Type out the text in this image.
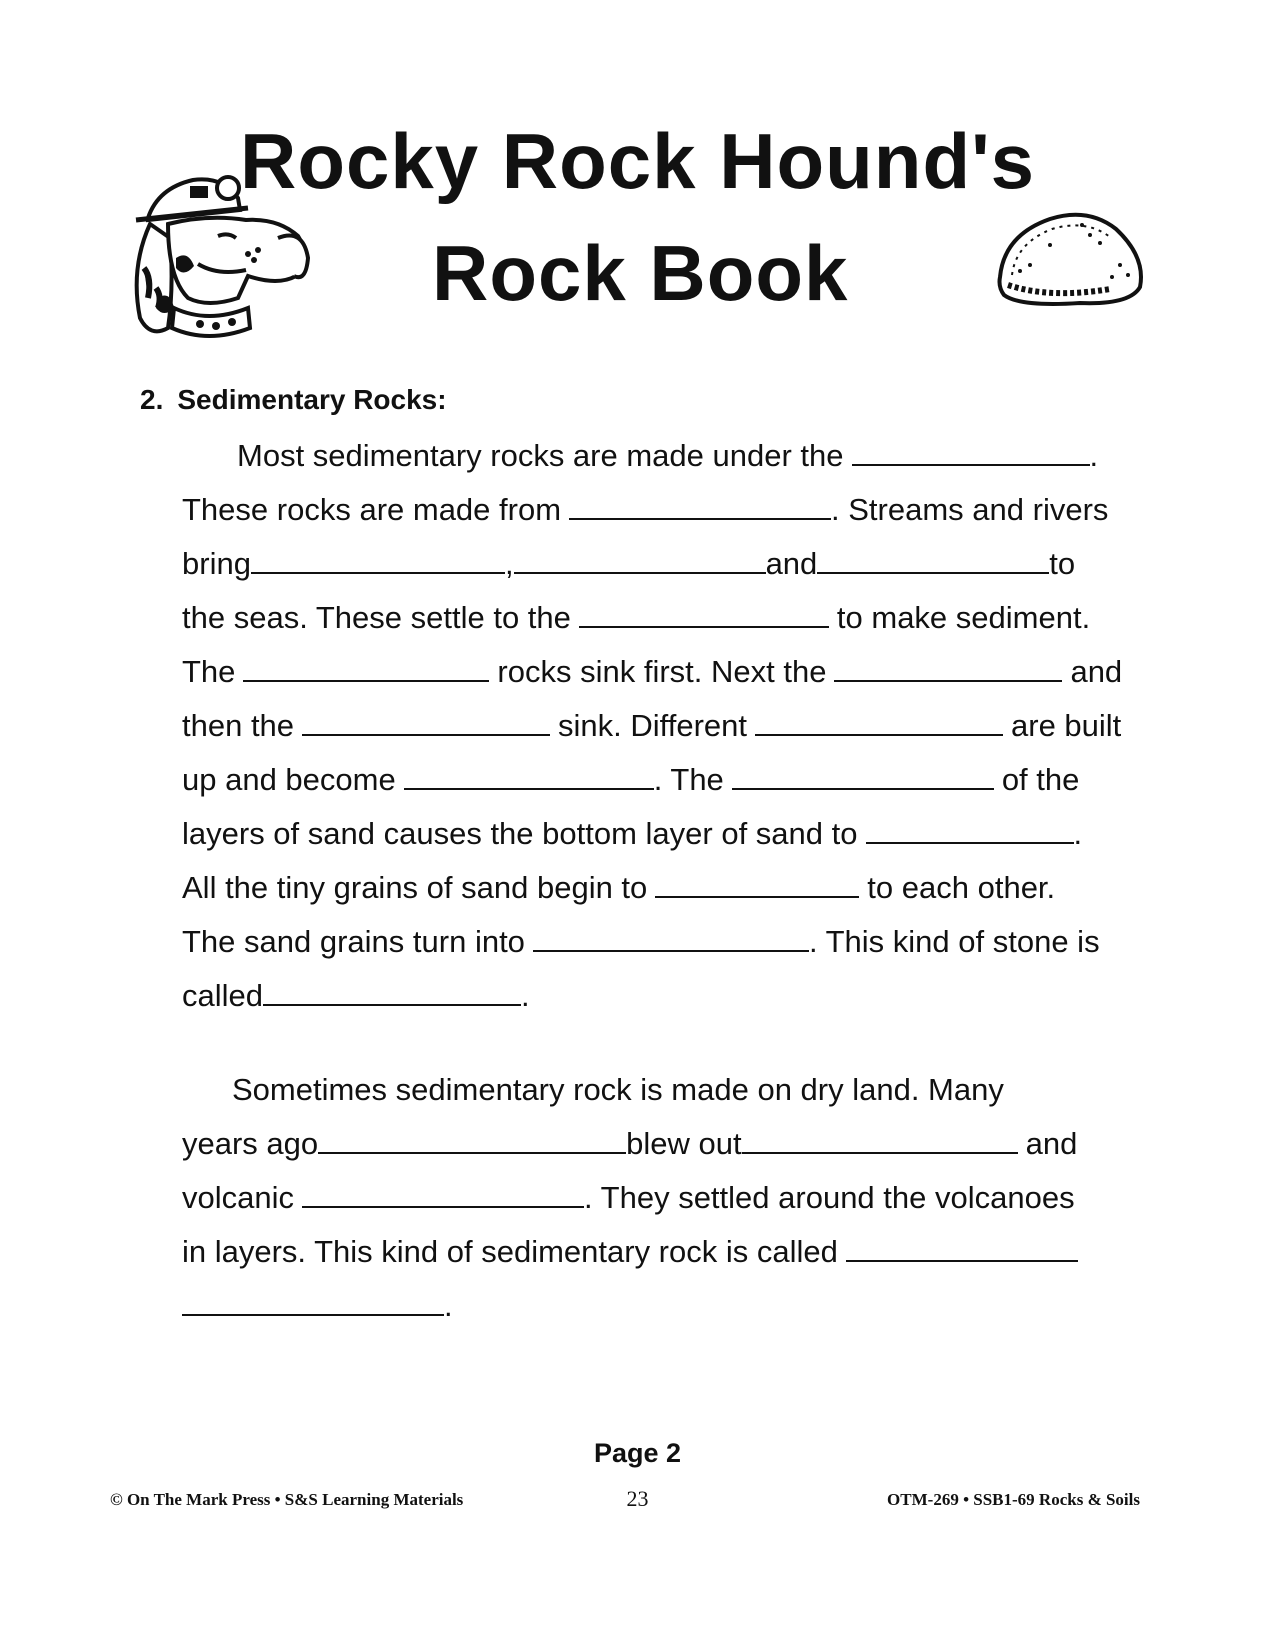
Rocky Rock Hound's
Rock Book
2. Sedimentary Rocks:
Most sedimentary rocks are made under the	.
These rocks are made from	. Streams and rivers
bring	,	and	to
the seas. These settle to the	to make sediment.
The	rocks sink first. Next the	and
then the	sink. Different	are built
up and become	. The	of the
layers of sand causes the bottom layer of sand to	.
All the tiny grains of sand begin to	to each other.
The sand grains turn into	. This kind of stone is
called	.
Sometimes sedimentary rock is made on dry land. Many
years ago	blew out	and
volcanic	. They settled around the volcanoes
in layers. This kind of sedimentary rock is called
.
Page 2
© On The Mark Press • S&S Learning Materials	23	OTM-269 • SSB1-69 Rocks & Soils
